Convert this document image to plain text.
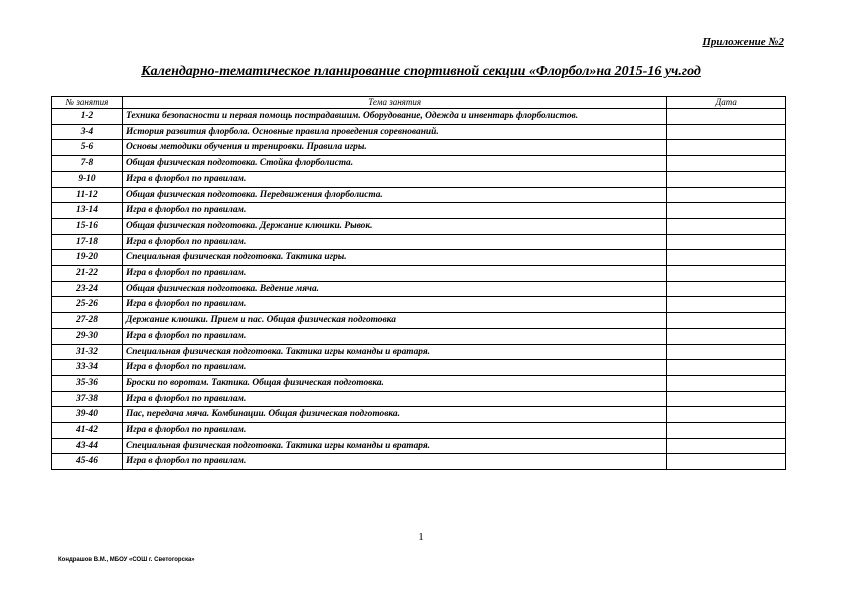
Приложение №2
Календарно-тематическое планирование спортивной секции «Флорбол»на 2015-16 уч.год
№ занятия	Тема занятия	Дата
1-2	Техника безопасности и первая помощь пострадавшим. Оборудование, Одежда и инвентарь флорболистов.	
3-4	История развития флорбола. Основные правила проведения соревнований.	
5-6	Основы методики обучения и тренировки. Правила игры.	
7-8	Общая физическая подготовка. Стойка флорболиста.	
9-10	Игра в флорбол по правилам.	
11-12	Общая физическая подготовка. Передвижения флорболиста.	
13-14	Игра в флорбол по правилам.	
15-16	Общая физическая подготовка. Держание клюшки. Рывок.	
17-18	Игра в флорбол по правилам.	
19-20	Специальная физическая подготовка. Тактика игры.	
21-22	Игра в флорбол по правилам.	
23-24	Общая физическая подготовка. Ведение мяча.	
25-26	Игра в флорбол по правилам.	
27-28	Держание клюшки. Прием и пас. Общая физическая подготовка	
29-30	Игра в флорбол по правилам.	
31-32	Специальная физическая подготовка. Тактика игры команды и вратаря.	
33-34	Игра в флорбол по правилам.	
35-36	Броски по воротам. Тактика. Общая физическая подготовка.	
37-38	Игра в флорбол по правилам.	
39-40	Пас, передача мяча. Комбинации. Общая физическая подготовка.	
41-42	Игра в флорбол по правилам.	
43-44	Специальная физическая подготовка. Тактика игры команды и вратаря.	
45-46	Игра в флорбол по правилам.	
1
Кондрашов В.М., МБОУ «СОШ г. Светогорска»
